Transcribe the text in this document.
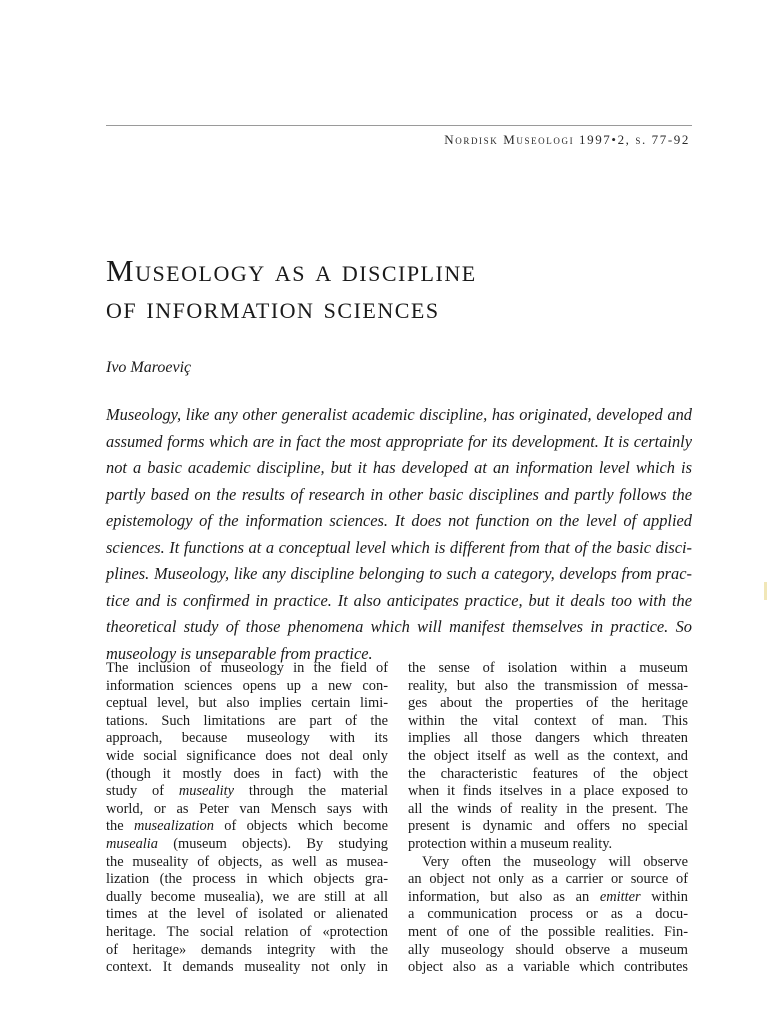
Nordisk Museologi 1997•2, s. 77-92
Museology as a discipline
of information sciences
Ivo Maroeviç
Museology, like any other generalist academic discipline, has originated, developed and
assumed forms which are in fact the most appropriate for its development. It is certainly
not a basic academic discipline, but it has developed at an information level which is
partly based on the results of research in other basic disciplines and partly follows the
epistemology of the information sciences. It does not function on the level of applied
sciences. It functions at a conceptual level which is different from that of the basic disci-
plines. Museology, like any discipline belonging to such a category, develops from prac-
tice and is confirmed in practice. It also anticipates practice, but it deals too with the
theoretical study of those phenomena which will manifest themselves in practice. So
museology is unseparable from practice.
The inclusion of museology in the field of
information sciences opens up a new con-
ceptual level, but also implies certain limi-
tations. Such limitations are part of the
approach, because museology with its
wide social significance does not deal only
(though it mostly does in fact) with the
study of museality through the material
world, or as Peter van Mensch says with
the musealization of objects which become
musealia (museum objects). By studying
the museality of objects, as well as musea-
lization (the process in which objects gra-
dually become musealia), we are still at all
times at the level of isolated or alienated
heritage. The social relation of «protection
of heritage» demands integrity with the
context. It demands museality not only in
the sense of isolation within a museum
reality, but also the transmission of messa-
ges about the properties of the heritage
within the vital context of man. This
implies all those dangers which threaten
the object itself as well as the context, and
the characteristic features of the object
when it finds itselves in a place exposed to
all the winds of reality in the present. The
present is dynamic and offers no special
protection within a museum reality.
Very often the museology will observe
an object not only as a carrier or source of
information, but also as an emitter within
a communication process or as a docu-
ment of one of the possible realities. Fin-
ally museology should observe a museum
object also as a variable which contributes
